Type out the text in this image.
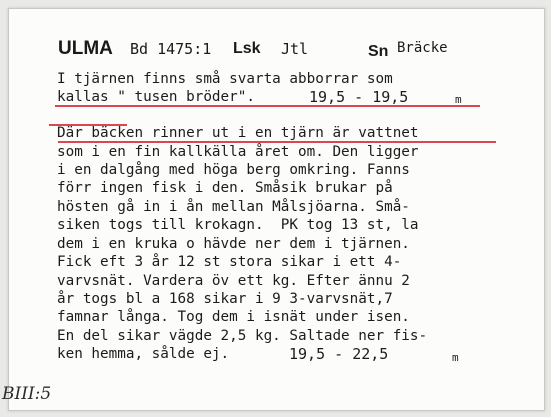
ULMA Bd 1475:1 Lsk Jtl	Sn Bräcke
I tjärnen finns små svarta abborrar som
kallas " tusen bröder".	19,5 - 19,5	m
Där bäcken rinner ut i en tjärn är vattnet
som i en fin kallkälla året om. Den ligger
i en dalgång med höga berg omkring. Fanns
förr ingen fisk i den. Småsik brukar på
hösten gå in i ån mellan Målsjöarna. Små-
siken togs till krokagn.  PK tog 13 st, la
dem i en kruka o hävde ner dem i tjärnen.
Fick eft 3 år 12 st stora sikar i ett 4-
varvsnät. Vardera öv ett kg. Efter ännu 2
år togs bl a 168 sikar i 9 3-varvsnät,7
famnar långa. Tog dem i isnät under isen.
En del sikar vägde 2,5 kg. Saltade ner fis-
ken hemma, sålde ej.	19,5 - 22,5	m
BIII:5
